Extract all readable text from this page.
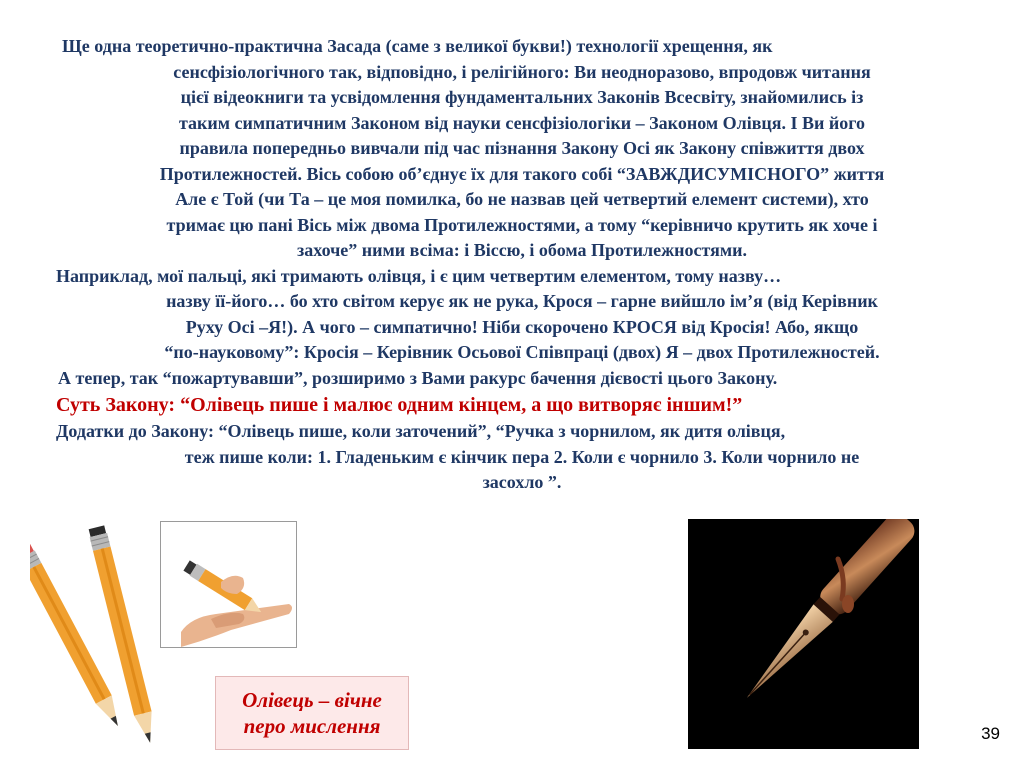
Ще одна теоретично-практична Засада (саме з великої букви!) технології хрещення, як

сенсфізіологічного так, відповідно, і релігійного: Ви неодноразово, впродовж читання

цієї відеокниги та усвідомлення фундаментальних Законів Всесвіту, знайомились із

таким симпатичним Законом від науки сенсфізіологіки – Законом Олівця. І Ви його

правила попередньо вивчали під час пізнання Закону Осі як Закону співжиття двох

Протилежностей. Вісь собою об’єднує їх для такого собі “ЗАВЖДИСУМІСНОГО” життя

Але є Той (чи Та – це моя помилка, бо не назвав цей четвертий елемент системи), хто

тримає цю пані Вісь між двома Протилежностями, а тому “керівничо крутить як хоче і

захоче” ними всіма: і Віссю, і обома Протилежностями.

Наприклад, мої пальці, які тримають олівця, і є цим четвертим елементом, тому назву…

назву її-його… бо хто світом керує як не рука, Крося – гарне вийшло ім’я (від Керівник

Руху Осі –Я!). А чого – симпатично! Ніби скорочено КРОСЯ від Кросія! Або, якщо

“по-науковому”: Кросія – Керівник Осьової Співпраці (двох) Я – двох Протилежностей.

А тепер, так “пожартувавши”, розширимо з Вами ракурс бачення дієвості цього Закону.

Суть Закону: “Олівець пише і малює одним кінцем, а що витворяє іншим!”

Додатки до Закону: “Олівець пише, коли заточений”, “Ручка з чорнилом, як дитя олівця,

теж пише коли: 1. Гладеньким є кінчик пера 2. Коли є чорнило 3. Коли чорнило не

засохло ”.

Олівець – вічне
перо мислення	39
